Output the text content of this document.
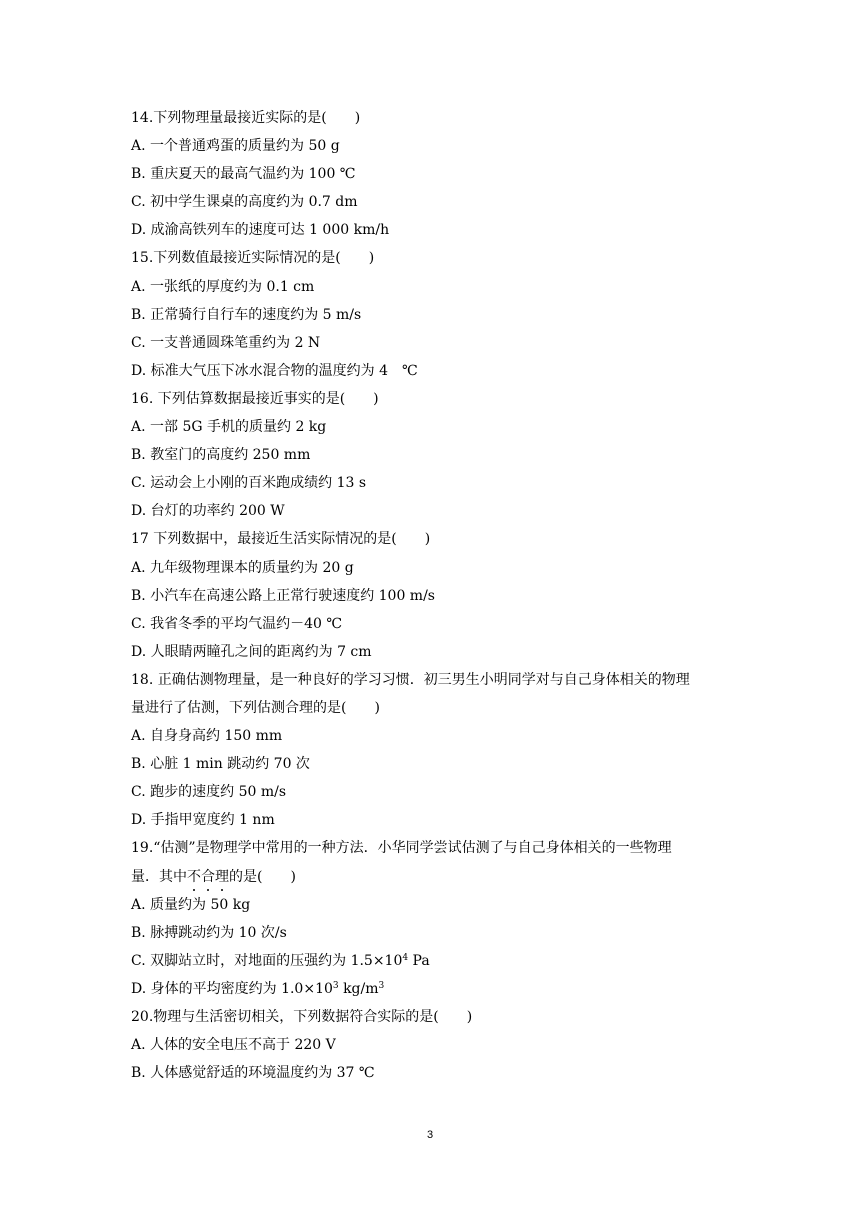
14.下列物理量最接近实际的是(　　)
A. 一个普通鸡蛋的质量约为 50 g
B. 重庆夏天的最高气温约为 100 ℃
C. 初中学生课桌的高度约为 0.7 dm
D. 成渝高铁列车的速度可达 1 000 km/h
15.下列数值最接近实际情况的是(　　)
A. 一张纸的厚度约为 0.1 cm
B. 正常骑行自行车的速度约为 5 m/s
C. 一支普通圆珠笔重约为 2 N
D. 标准大气压下冰水混合物的温度约为 4　℃
16. 下列估算数据最接近事实的是(　　)
A. 一部 5G 手机的质量约 2 kg
B. 教室门的高度约 250 mm
C. 运动会上小刚的百米跑成绩约 13 s
D. 台灯的功率约 200 W
17 下列数据中，最接近生活实际情况的是(　　)
A. 九年级物理课本的质量约为 20 g
B. 小汽车在高速公路上正常行驶速度约 100 m/s
C. 我省冬季的平均气温约－40 ℃
D. 人眼睛两瞳孔之间的距离约为 7 cm
18. 正确估测物理量，是一种良好的学习习惯．初三男生小明同学对与自己身体相关的物理
量进行了估测，下列估测合理的是(　　)
A. 自身身高约 150 mm
B. 心脏 1 min 跳动约 70 次
C. 跑步的速度约 50 m/s
D. 手指甲宽度约 1 nm
19.“估测”是物理学中常用的一种方法．小华同学尝试估测了与自己身体相关的一些物理
量．其中不合理的是(　　)
A. 质量约为 50 kg
B. 脉搏跳动约为 10 次/s
C. 双脚站立时，对地面的压强约为 $1.5\times 10^4$ Pa
D. 身体的平均密度约为 $1.0\times 10^3$ $kg/m^3$
20.物理与生活密切相关，下列数据符合实际的是(　　)
A. 人体的安全电压不高于 220 V
B. 人体感觉舒适的环境温度约为 37 ℃
3
